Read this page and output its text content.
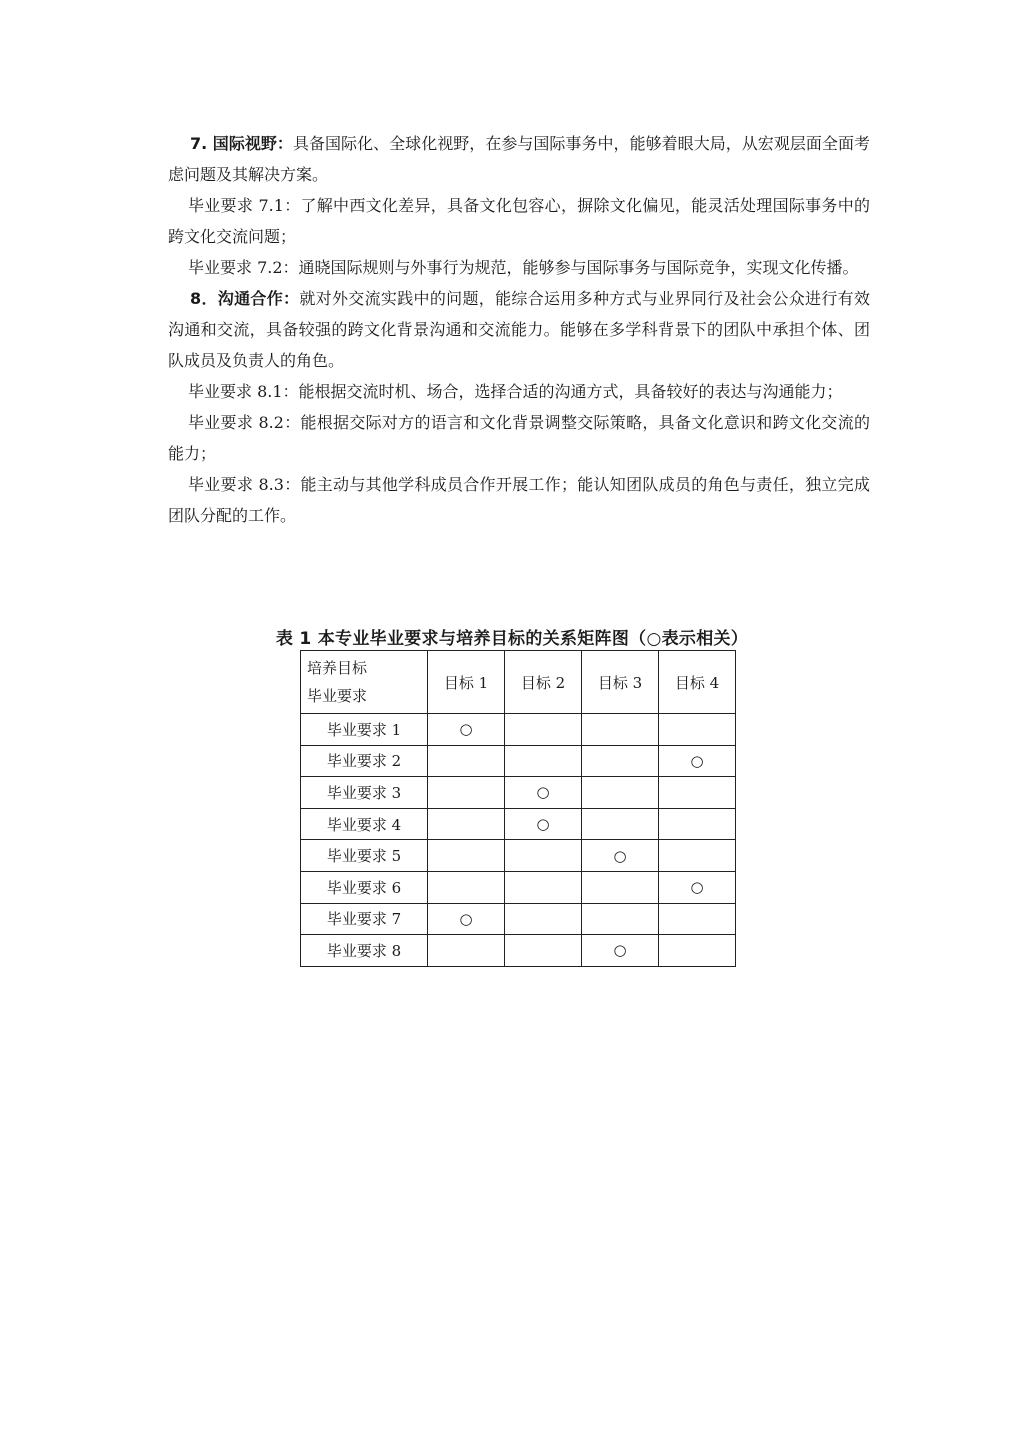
7. 国际视野：具备国际化、全球化视野，在参与国际事务中，能够着眼大局，从宏观层面全面考虑问题及其解决方案。

毕业要求 7.1：了解中西文化差异，具备文化包容心，摒除文化偏见，能灵活处理国际事务中的跨文化交流问题；

毕业要求 7.2：通晓国际规则与外事行为规范，能够参与国际事务与国际竞争，实现文化传播。

8．沟通合作：就对外交流实践中的问题，能综合运用多种方式与业界同行及社会公众进行有效沟通和交流，具备较强的跨文化背景沟通和交流能力。能够在多学科背景下的团队中承担个体、团队成员及负责人的角色。

毕业要求 8.1：能根据交流时机、场合，选择合适的沟通方式，具备较好的表达与沟通能力；

毕业要求 8.2：能根据交际对方的语言和文化背景调整交际策略，具备文化意识和跨文化交流的能力；

毕业要求 8.3：能主动与其他学科成员合作开展工作；能认知团队成员的角色与责任，独立完成团队分配的工作。

表 1 本专业毕业要求与培养目标的关系矩阵图（○表示相关）
培养目标
毕业要求	目标 1	目标 2	目标 3	目标 4
毕业要求 1	○			
毕业要求 2				○
毕业要求 3		○		
毕业要求 4		○		
毕业要求 5			○	
毕业要求 6				○
毕业要求 7	○			
毕业要求 8			○	
